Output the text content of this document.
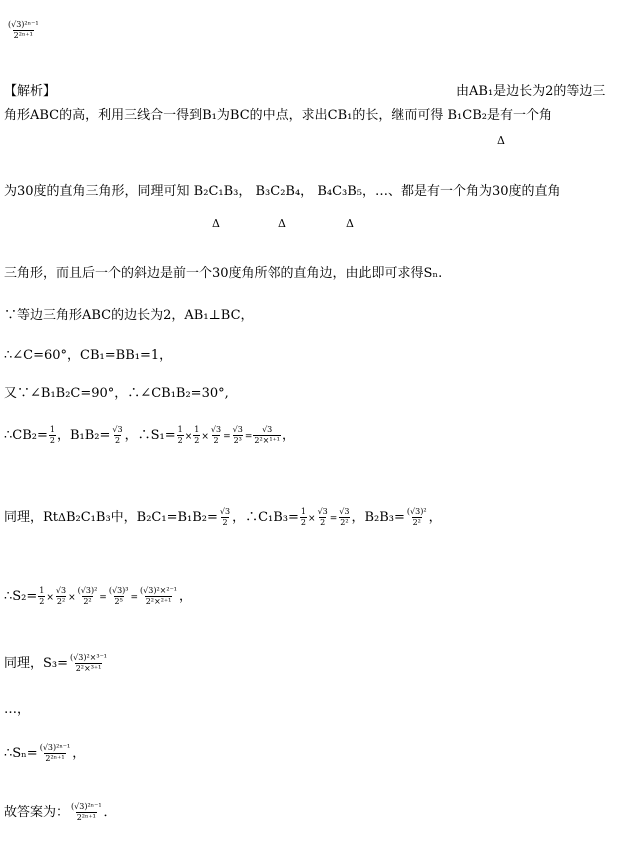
$\frac{\text{(√3)²ⁿ⁻¹}}{\text{2²ⁿ⁺¹}}$
【解析】	由AB₁是边长为2的等边三
角形ABC的高，利用三线合一得到B₁为BC的中点，求出CB₁的长，继而可得 B₁CB₂是有一个角
Δ
为30度的直角三角形，同理可知 B₂C₁B₃， B₃C₂B₄， B₄C₃B₅，…、都是有一个角为30度的直角
Δ	Δ	Δ
三角形，而且后一个的斜边是前一个30度角所邻的直角边，由此即可求得Sₙ.
∵等边三角形ABC的边长为2，AB₁⊥BC，
∴∠C=60°，CB₁=BB₁=1，
又∵∠B₁B₂C=90°，∴∠CB₁B₂=30°,
∴CB₂= $\frac{1}{2}$ ，$B_1B_2= \frac{√3}{2}$ ，∴S₁= $\frac{1}{2} \times \frac{1}{2} \times \frac{√3}{2} = \frac{√3}{\text{2³}} = \frac{√3}{\text{2²×¹⁺¹}}$ ，
同理，RtΔB₂C₁B₃中，$B_2C_1=B_1B_2= \frac{√3}{2}$ ，∴C₁B₃= $\frac{1}{2} \times \frac{√3}{2} = \frac{√3}{\text{2²}}$ ，$B_2B_3= \frac{\text{(√3)²}}{\text{2²}}$ ，
∴S₂= $\frac{1}{2} \times \frac{√3}{\text{2²}} \times \frac{\text{(√3)²}}{\text{2²}} = \frac{\text{(√3)³}}{\text{2⁵}} = \frac{\text{(√3)²×²⁻¹}}{\text{2²×²⁺¹}}$ ，
同理，$S_3= \frac{\text{(√3)²×³⁻¹}}{\text{2²×³⁺¹}}$
…，
∴Sₙ= $\frac{\text{(√3)²ⁿ⁻¹}}{\text{2²ⁿ⁺¹}}$ ，
故答案为： $\frac{\text{(√3)²ⁿ⁻¹}}{\text{2²ⁿ⁺¹}}$ ．
